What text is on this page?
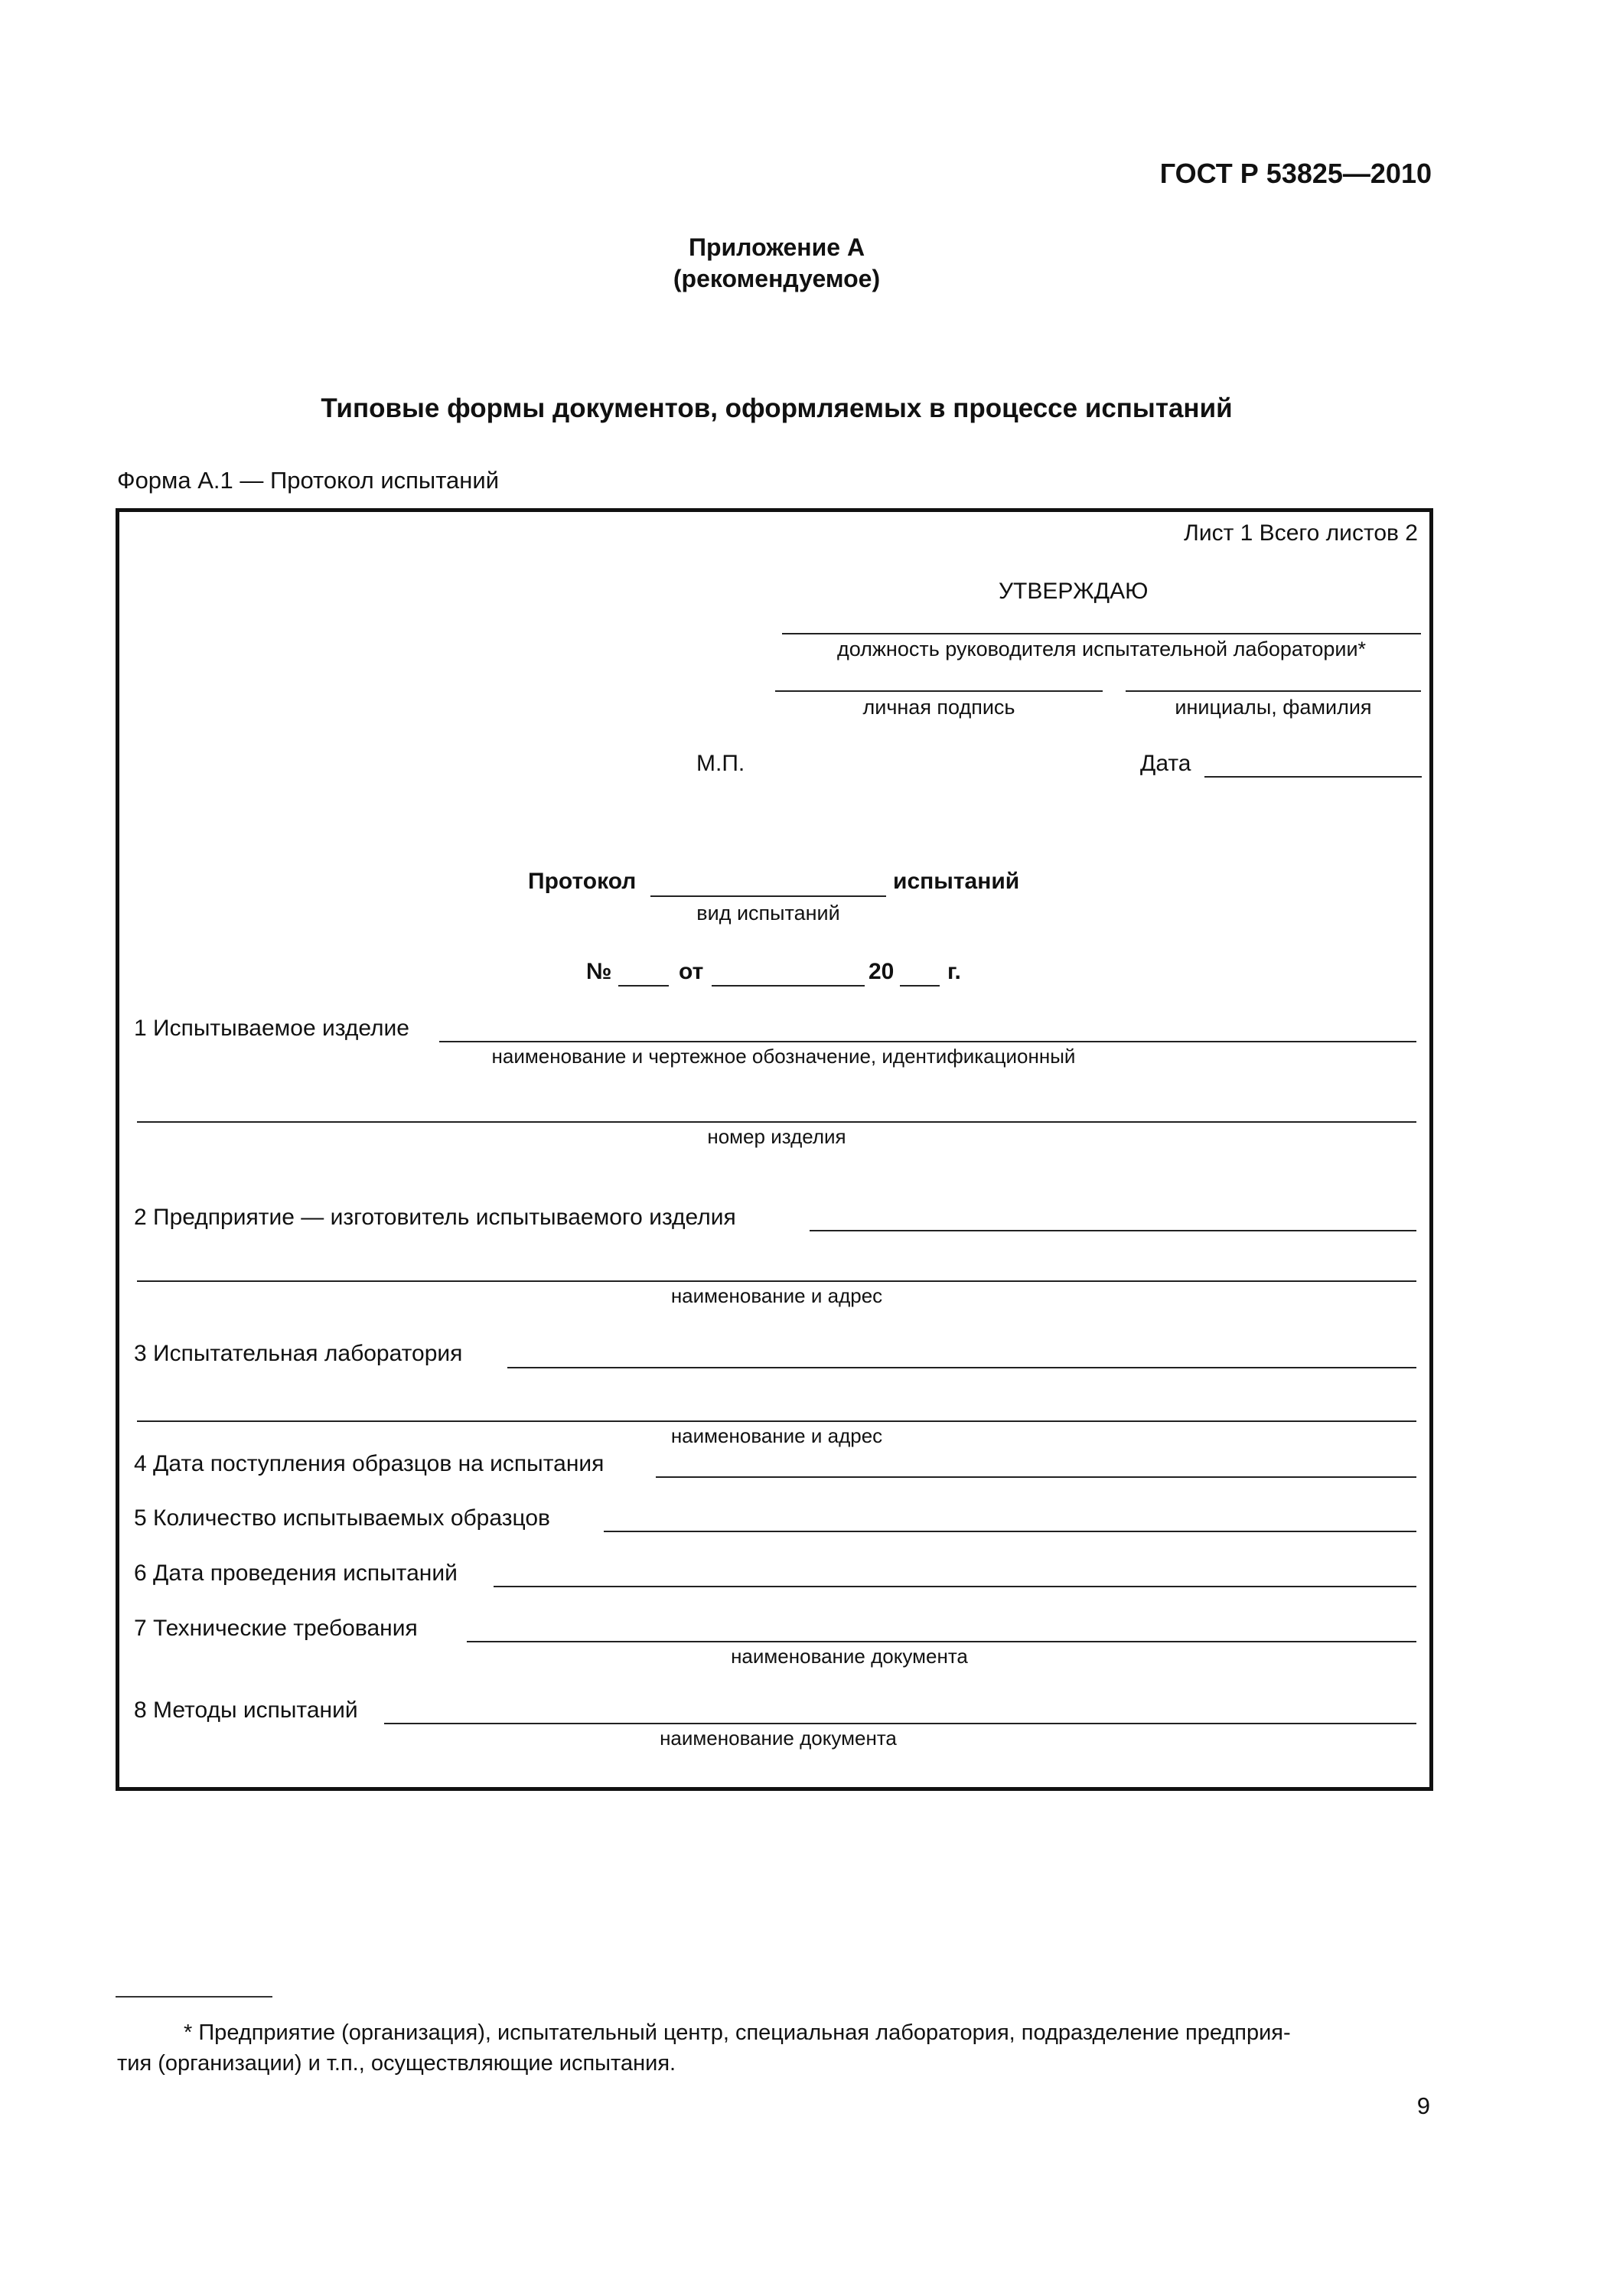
ГОСТ Р 53825—2010
Приложение А
(рекомендуемое)
Типовые формы документов, оформляемых в процессе испытаний
Форма А.1 — Протокол испытаний
Лист 1 Всего листов 2
УТВЕРЖДАЮ
должность руководителя испытательной лаборатории*
личная подпись	инициалы, фамилия
М.П.	Дата
Протокол	испытаний
вид испытаний
№	от	20 г.
1 Испытываемое изделие
наименование и чертежное обозначение, идентификационный
номер изделия
2 Предприятие — изготовитель испытываемого изделия
наименование и адрес
3 Испытательная лаборатория
наименование и адрес
4 Дата поступления образцов на испытания
5 Количество испытываемых образцов
6 Дата проведения испытаний
7 Технические требования
наименование документа
8 Методы испытаний
наименование документа
* Предприятие (организация), испытательный центр, специальная лаборатория, подразделение предприя-
тия (организации) и т.п., осуществляющие испытания.
9
